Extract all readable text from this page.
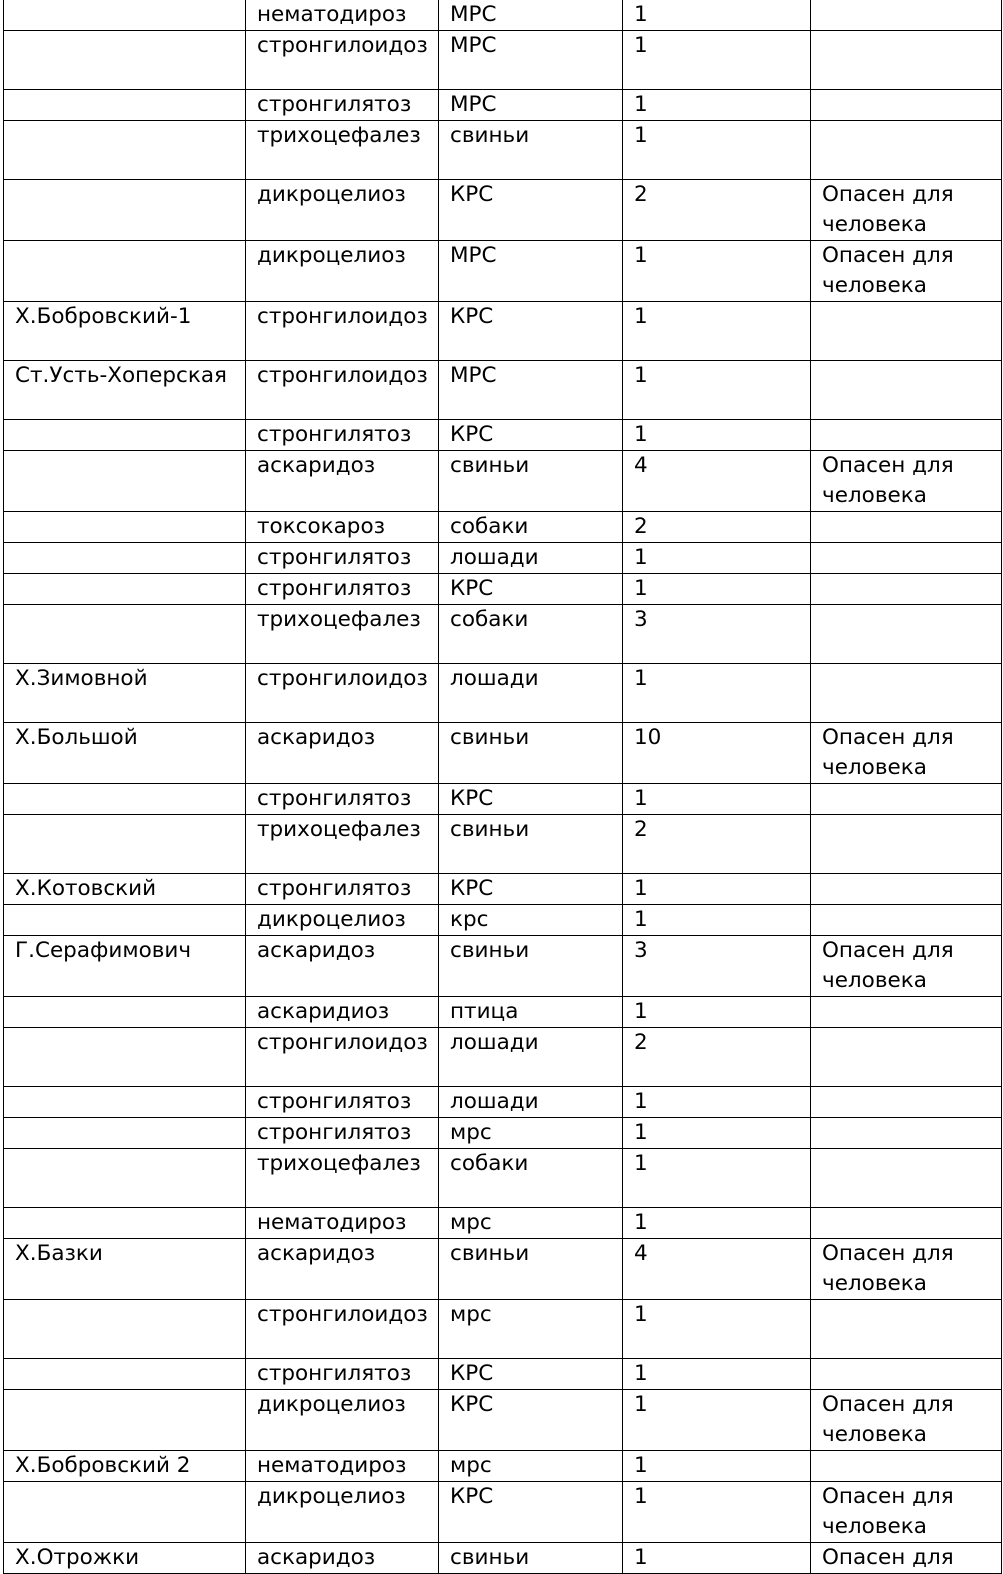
	нематодироз	МРС	1	
	стронгилоидоз	МРС	1	
	стронгилятоз	МРС	1	
	трихоцефалез	свиньи	1	
	дикроцелиоз	КРС	2	Опасен для человека
	дикроцелиоз	МРС	1	Опасен для человека
Х.Бобровский-1	стронгилоидоз	КРС	1	
Ст.Усть-Хоперская	стронгилоидоз	МРС	1	
	стронгилятоз	КРС	1	
	аскаридоз	свиньи	4	Опасен для человека
	токсокароз	собаки	2	
	стронгилятоз	лошади	1	
	стронгилятоз	КРС	1	
	трихоцефалез	собаки	3	
Х.Зимовной	стронгилоидоз	лошади	1	
Х.Большой	аскаридоз	свиньи	10	Опасен для человека
	стронгилятоз	КРС	1	
	трихоцефалез	свиньи	2	
Х.Котовский	стронгилятоз	КРС	1	
	дикроцелиоз	крс	1	
Г.Серафимович	аскаридоз	свиньи	3	Опасен для человека
	аскаридиоз	птица	1	
	стронгилоидоз	лошади	2	
	стронгилятоз	лошади	1	
	стронгилятоз	мрс	1	
	трихоцефалез	собаки	1	
	нематодироз	мрс	1	
Х.Базки	аскаридоз	свиньи	4	Опасен для человека
	стронгилоидоз	мрс	1	
	стронгилятоз	КРС	1	
	дикроцелиоз	КРС	1	Опасен для человека
Х.Бобровский 2	нематодироз	мрс	1	
	дикроцелиоз	КРС	1	Опасен для человека
Х.Отрожки	аскаридоз	свиньи	1	Опасен для
